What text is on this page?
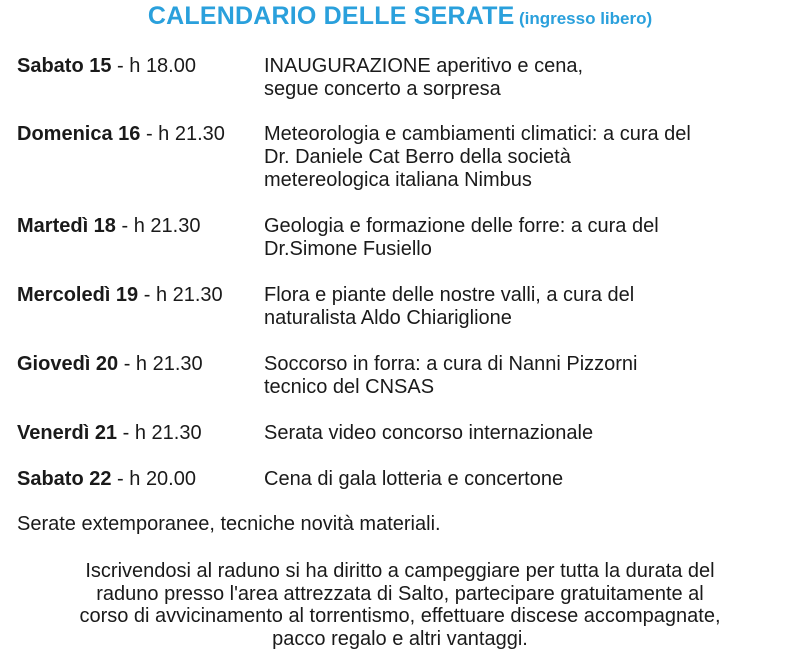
CALENDARIO DELLE SERATE (ingresso libero)
Sabato 15 - h 18.00	INAUGURAZIONE aperitivo e cena,
segue concerto a sorpresa
Domenica 16 - h 21.30 Meteorologia e cambiamenti climatici: a cura del
Dr. Daniele Cat Berro della società
metereologica italiana Nimbus
Martedì 18 - h 21.30	Geologia e formazione delle forre: a cura del
Dr.Simone Fusiello
Mercoledì 19 - h 21.30 Flora e piante delle nostre valli, a cura del
naturalista Aldo Chiariglione
Giovedì 20 - h 21.30	Soccorso in forra: a cura di Nanni Pizzorni
tecnico del CNSAS
Venerdì 21 - h 21.30	Serata video concorso internazionale
Sabato 22 - h 20.00	Cena di gala lotteria e concertone
Serate extemporanee, tecniche novità materiali.
Iscrivendosi al raduno si ha diritto a campeggiare per tutta la durata del
raduno presso l'area attrezzata di Salto, partecipare gratuitamente al
corso di avvicinamento al torrentismo, effettuare discese accompagnate,
pacco regalo e altri vantaggi.
